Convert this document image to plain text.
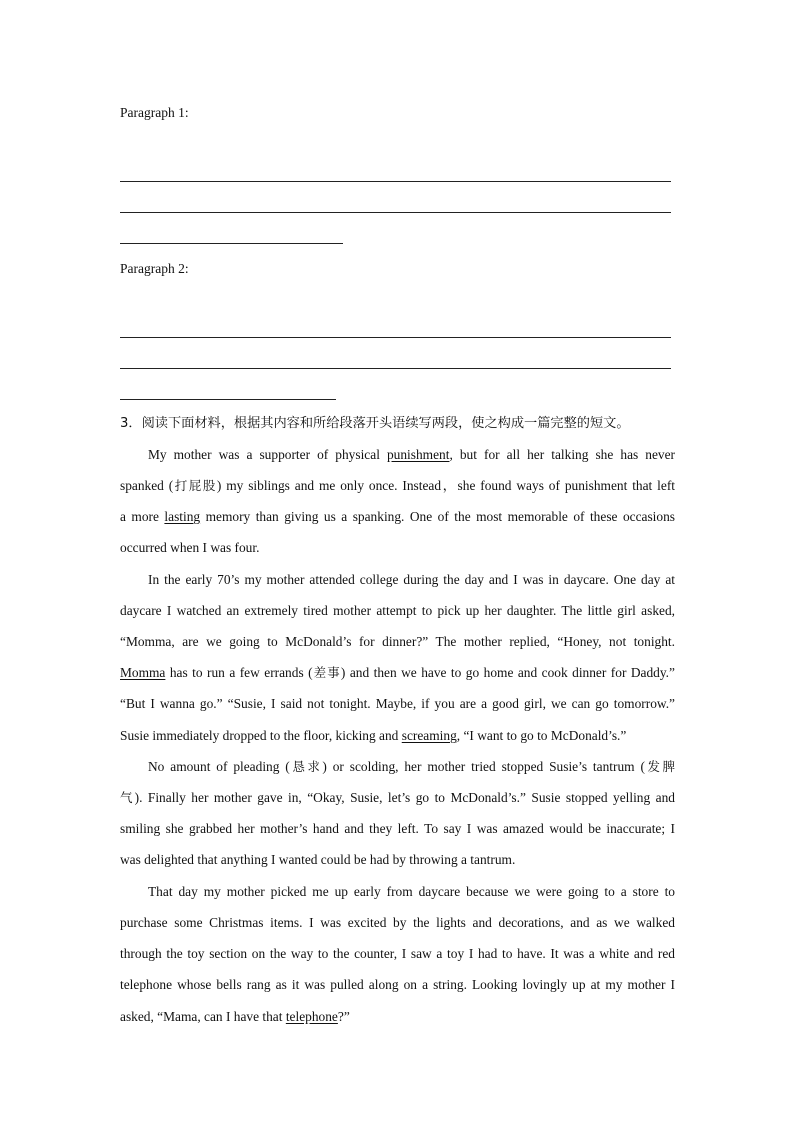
Paragraph 1:
Paragraph 2:
3．阅读下面材料，根据其内容和所给段落开头语续写两段，使之构成一篇完整的短文。
My mother was a supporter of physical punishment, but for all her talking she has never
spanked (打屁股) my siblings and me only once. Instead，she found ways of punishment that left
a more lasting memory than giving us a spanking. One of the most memorable of these occasions
occurred when I was four.
In the early 70’s my mother attended college during the day and I was in daycare. One day at
daycare I watched an extremely tired mother attempt to pick up her daughter. The little girl asked,
“Momma, are we going to McDonald’s for dinner?” The mother replied, “Honey, not tonight.
Momma has to run a few errands (差事) and then we have to go home and cook dinner for Daddy.”
“But I wanna go.” “Susie, I said not tonight. Maybe, if you are a good girl, we can go tomorrow.”
Susie immediately dropped to the floor, kicking and screaming, “I want to go to McDonald’s.”
No amount of pleading (恳求) or scolding, her mother tried stopped Susie’s tantrum (发脾
气). Finally her mother gave in, “Okay, Susie, let’s go to McDonald’s.” Susie stopped yelling and
smiling she grabbed her mother’s hand and they left. To say I was amazed would be inaccurate; I
was delighted that anything I wanted could be had by throwing a tantrum.
That day my mother picked me up early from daycare because we were going to a store to
purchase some Christmas items. I was excited by the lights and decorations, and as we walked
through the toy section on the way to the counter, I saw a toy I had to have. It was a white and red
telephone whose bells rang as it was pulled along on a string. Looking lovingly up at my mother I
asked, “Mama, can I have that telephone?”
